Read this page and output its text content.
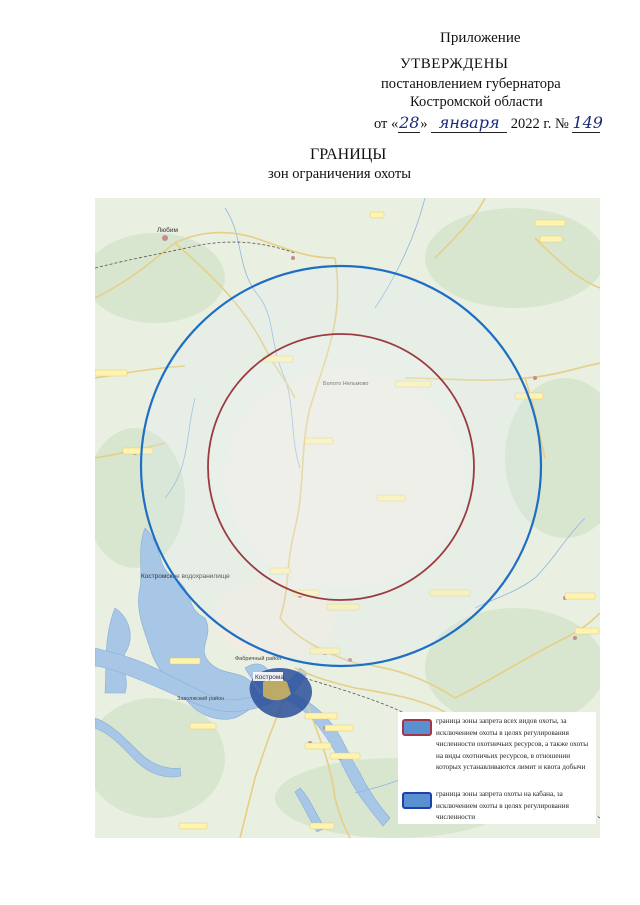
Приложение
УТВЕРЖДЕНЫ
постановлением губернатора
Костромской области
от «28» января 2022 г. № 149
ГРАНИЦЫ
зон ограничения охоты
Любим
Болото Нельмово
Костромское водохранилище
Кострома
Фабричный район
Заволжский район
граница зоны запрета всех видов охоты, за исключением охоты в целях регулирования численности охотничьих ресурсов, а также охоты на виды охотничьих ресурсов, в отношении которых устанавливаются лимит и квота добычи
граница зоны запрета охоты на кабана, за исключением охоты в целях регулирования численности
